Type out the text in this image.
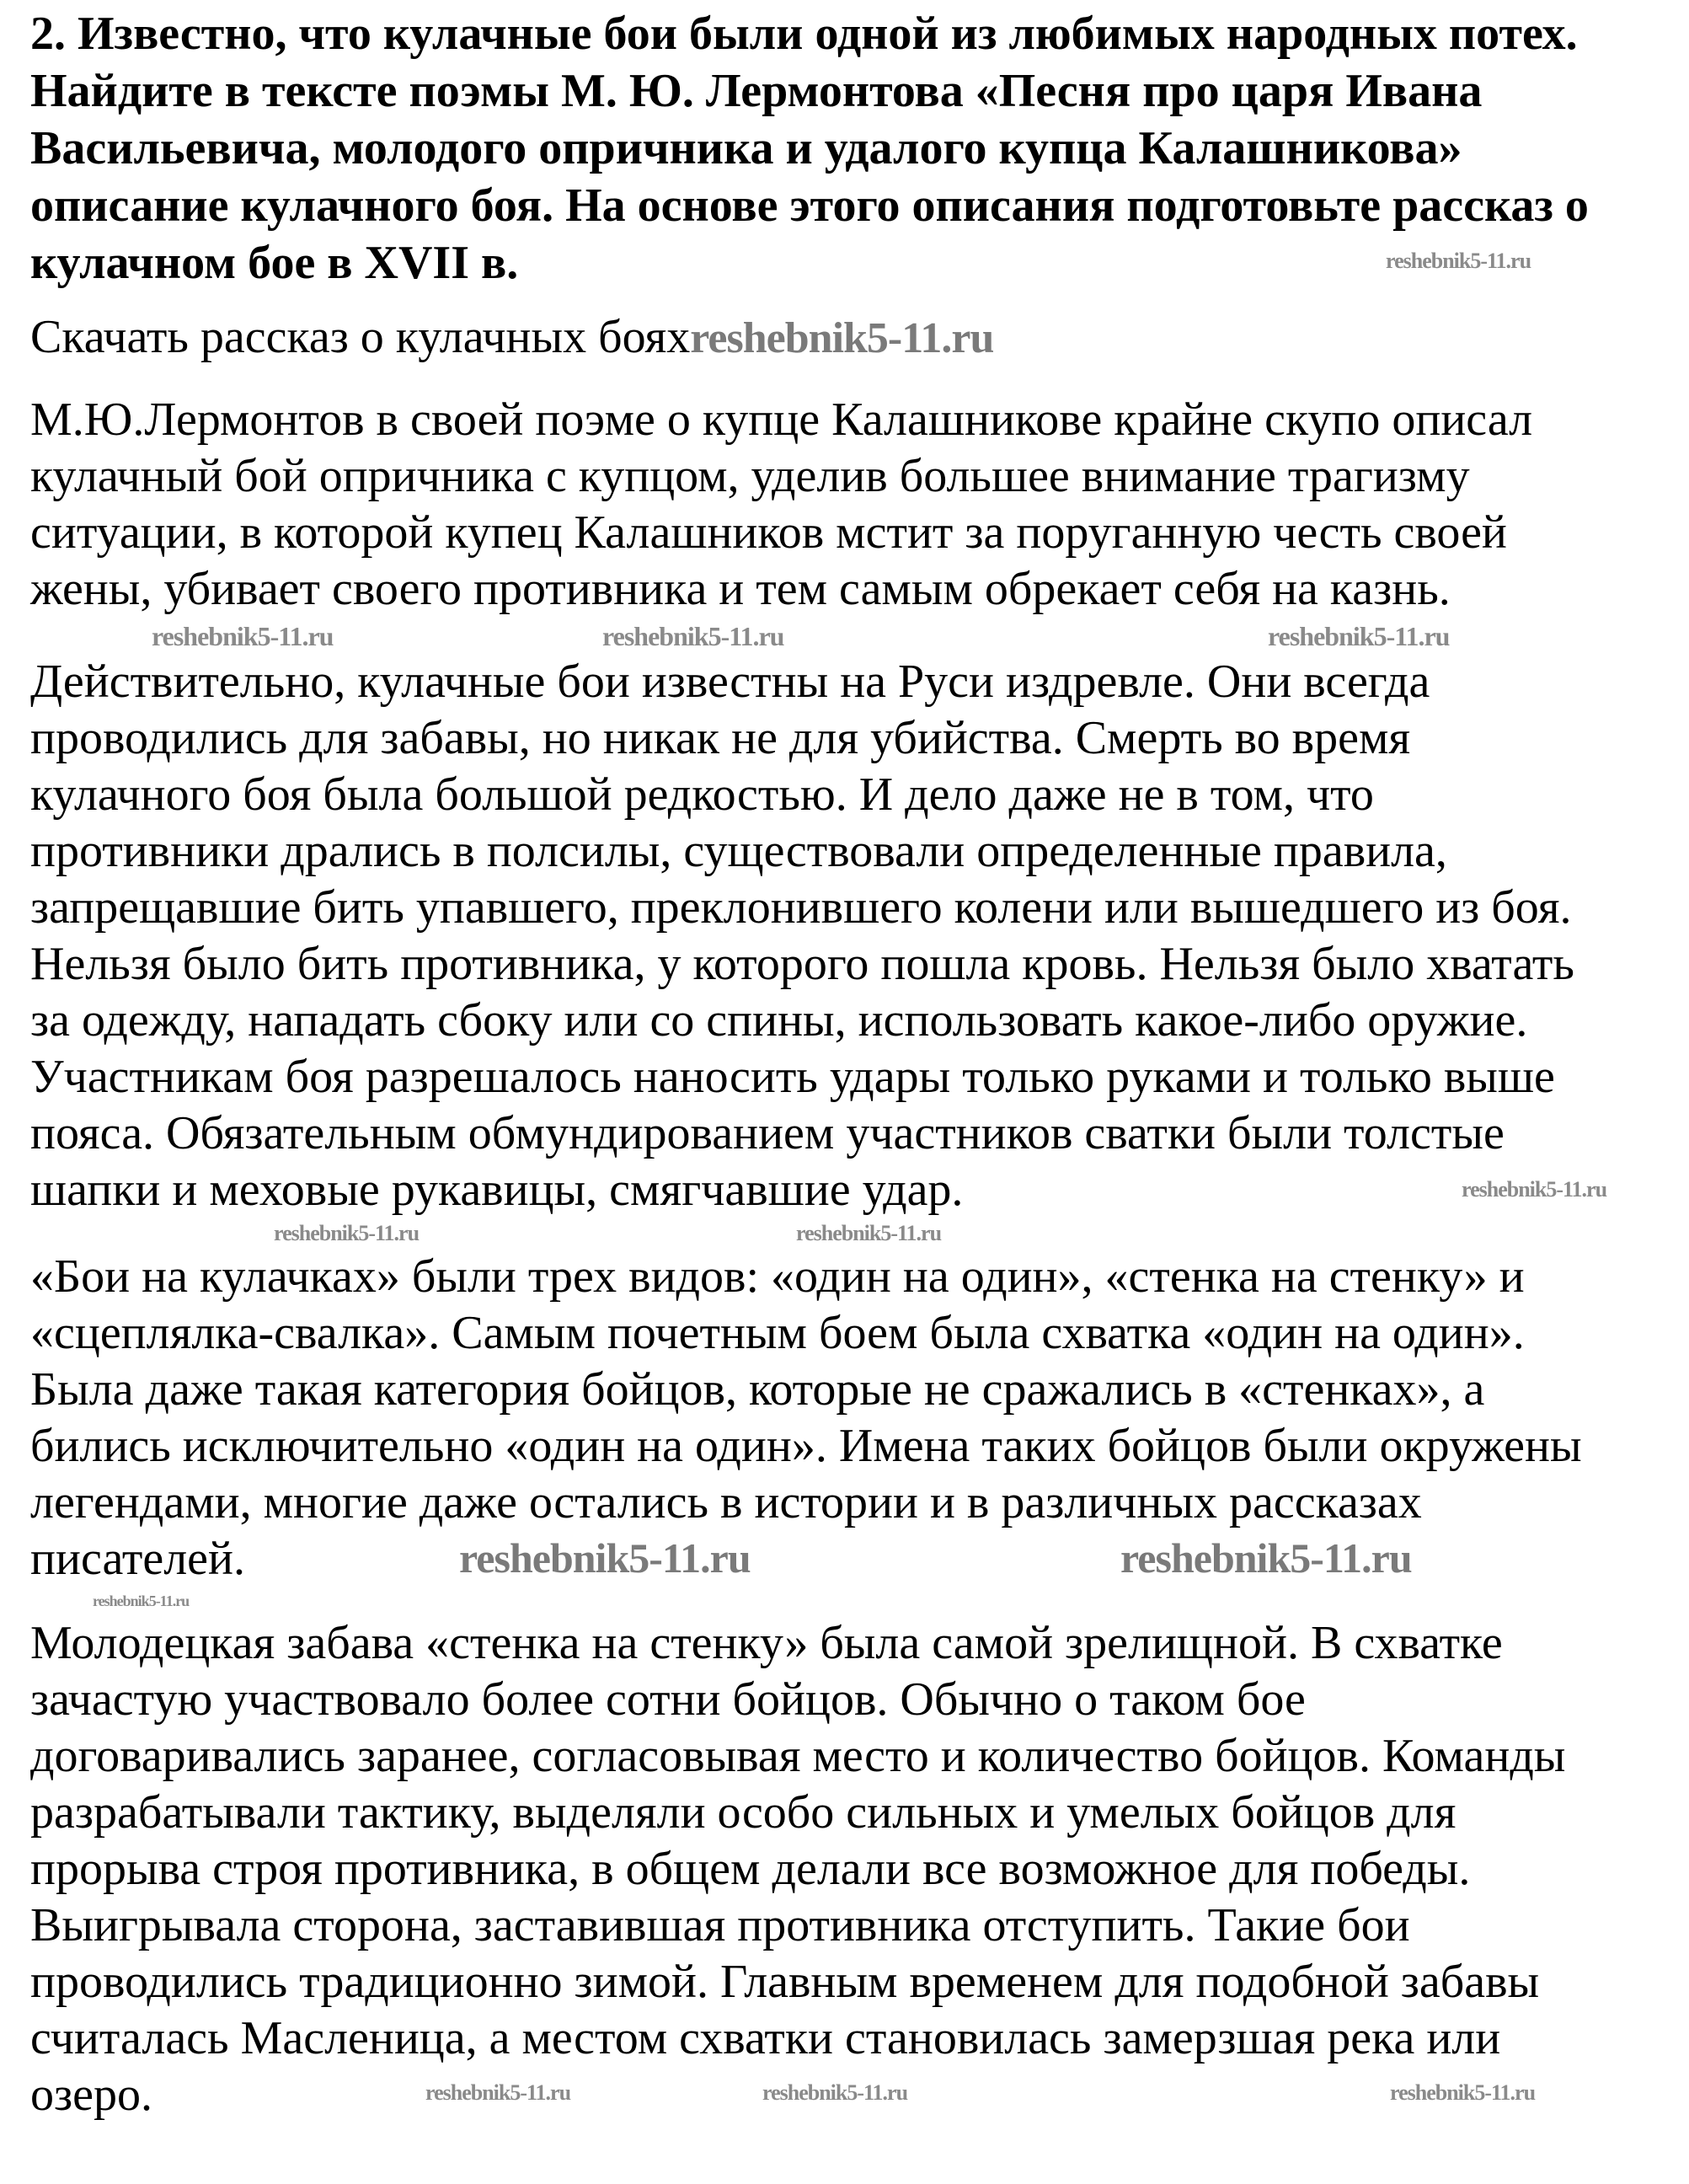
2. Известно, что кулачные бои были одной из любимых народных потех.
Найдите в тексте поэмы М. Ю. Лермонтова «Песня про царя Ивана
Васильевича, молодого опричника и удалого купца Калашникова»
описание кулачного боя. На основе этого описания подготовьте рассказ о
кулачном бое в XVII в.
Скачать рассказ о кулачных бояхreshebnik5-11.ru
М.Ю.Лермонтов в своей поэме о купце Калашникове крайне скупо описал
кулачный бой опричника с купцом, уделив большее внимание трагизму
ситуации, в которой купец Калашников мстит за поруганную честь своей
жены, убивает своего противника и тем самым обрекает себя на казнь.
Действительно, кулачные бои известны на Руси издревле. Они всегда
проводились для забавы, но никак не для убийства. Смерть во время
кулачного боя была большой редкостью. И дело даже не в том, что
противники дрались в полсилы, существовали определенные правила,
запрещавшие бить упавшего, преклонившего колени или вышедшего из боя.
Нельзя было бить противника, у которого пошла кровь. Нельзя было хватать
за одежду, нападать сбоку или со спины, использовать какое-либо оружие.
Участникам боя разрешалось наносить удары только руками и только выше
пояса. Обязательным обмундированием участников сватки были толстые
шапки и меховые рукавицы, смягчавшие удар.
«Бои на кулачках» были трех видов: «один на один», «стенка на стенку» и
«сцеплялка-свалка». Самым почетным боем была схватка «один на один».
Была даже такая категория бойцов, которые не сражались в «стенках», а
бились исключительно «один на один». Имена таких бойцов были окружены
легендами, многие даже остались в истории и в различных рассказах
писателей.
Молодецкая забава «стенка на стенку» была самой зрелищной. В схватке
зачастую участвовало более сотни бойцов. Обычно о таком бое
договаривались заранее, согласовывая место и количество бойцов. Команды
разрабатывали тактику, выделяли особо сильных и умелых бойцов для
прорыва строя противника, в общем делали все возможное для победы.
Выигрывала сторона, заставившая противника отступить. Такие бои
проводились традиционно зимой. Главным временем для подобной забавы
считалась Масленица, а местом схватки становилась замерзшая река или
озеро.
reshebnik5-11.ru
reshebnik5-11.ru	reshebnik5-11.ru	reshebnik5-11.ru
reshebnik5-11.ru
reshebnik5-11.ru	reshebnik5-11.ru
reshebnik5-11.ru	reshebnik5-11.ru
reshebnik5-11.ru
reshebnik5-11.ru	reshebnik5-11.ru	reshebnik5-11.ru
